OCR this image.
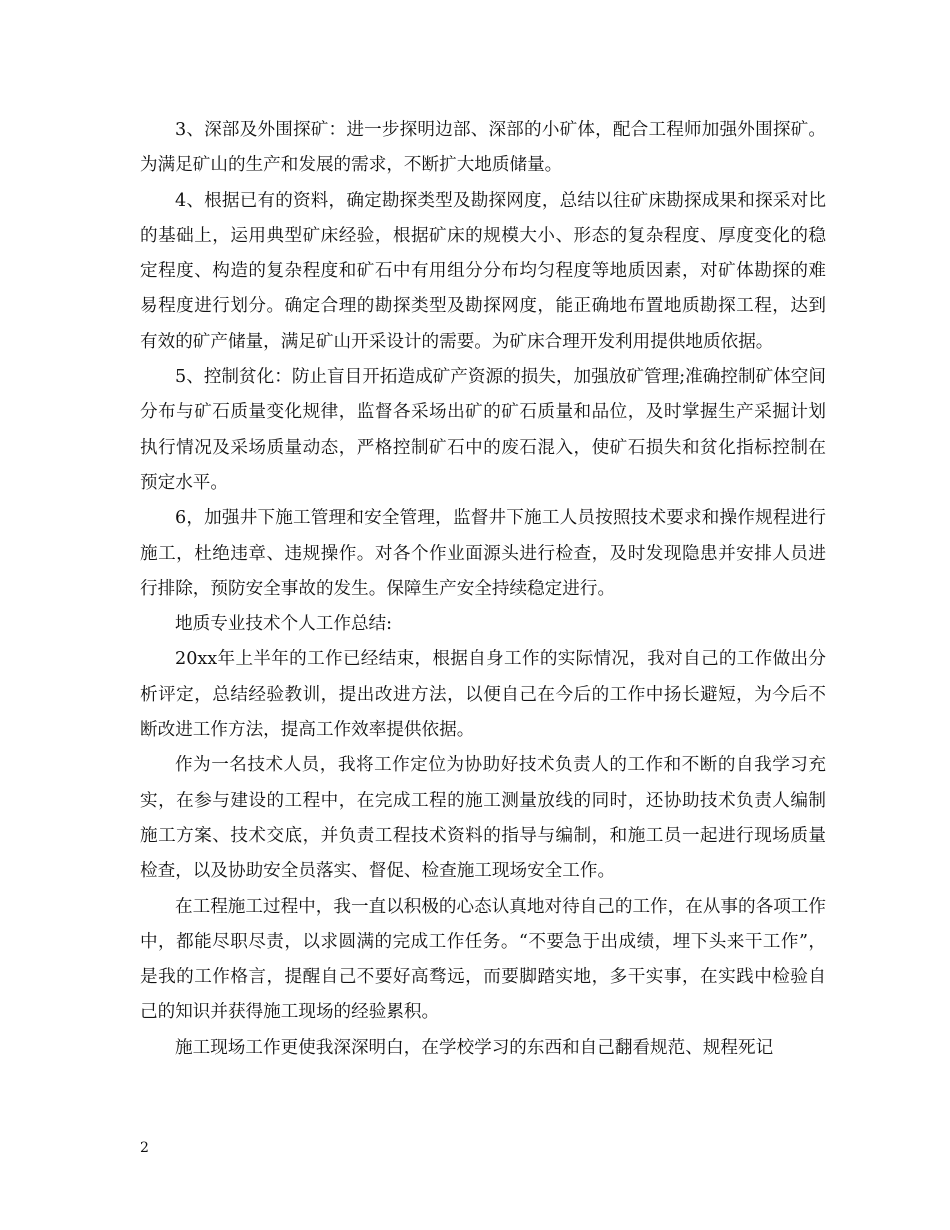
3、深部及外围探矿：进一步探明边部、深部的小矿体，配合工程师加强外围探矿。为满足矿山的生产和发展的需求，不断扩大地质储量。

4、根据已有的资料，确定勘探类型及勘探网度，总结以往矿床勘探成果和探采对比的基础上，运用典型矿床经验，根据矿床的规模大小、形态的复杂程度、厚度变化的稳定程度、构造的复杂程度和矿石中有用组分分布均匀程度等地质因素，对矿体勘探的难易程度进行划分。确定合理的勘探类型及勘探网度，能正确地布置地质勘探工程，达到有效的矿产储量，满足矿山开采设计的需要。为矿床合理开发利用提供地质依据。

5、控制贫化：防止盲目开拓造成矿产资源的损失，加强放矿管理;准确控制矿体空间分布与矿石质量变化规律，监督各采场出矿的矿石质量和品位，及时掌握生产采掘计划执行情况及采场质量动态，严格控制矿石中的废石混入，使矿石损失和贫化指标控制在预定水平。

6，加强井下施工管理和安全管理，监督井下施工人员按照技术要求和操作规程进行施工，杜绝违章、违规操作。对各个作业面源头进行检查，及时发现隐患并安排人员进行排除，预防安全事故的发生。保障生产安全持续稳定进行。

地质专业技术个人工作总结:

20xx年上半年的工作已经结束，根据自身工作的实际情况，我对自己的工作做出分析评定，总结经验教训，提出改进方法，以便自己在今后的工作中扬长避短，为今后不断改进工作方法，提高工作效率提供依据。

作为一名技术人员，我将工作定位为协助好技术负责人的工作和不断的自我学习充实，在参与建设的工程中，在完成工程的施工测量放线的同时，还协助技术负责人编制施工方案、技术交底，并负责工程技术资料的指导与编制，和施工员一起进行现场质量检查，以及协助安全员落实、督促、检查施工现场安全工作。

在工程施工过程中，我一直以积极的心态认真地对待自己的工作，在从事的各项工作中，都能尽职尽责，以求圆满的完成工作任务。“不要急于出成绩，埋下头来干工作”，是我的工作格言，提醒自己不要好高骛远，而要脚踏实地，多干实事，在实践中检验自己的知识并获得施工现场的经验累积。

施工现场工作更使我深深明白，在学校学习的东西和自己翻看规范、规程死记

2
